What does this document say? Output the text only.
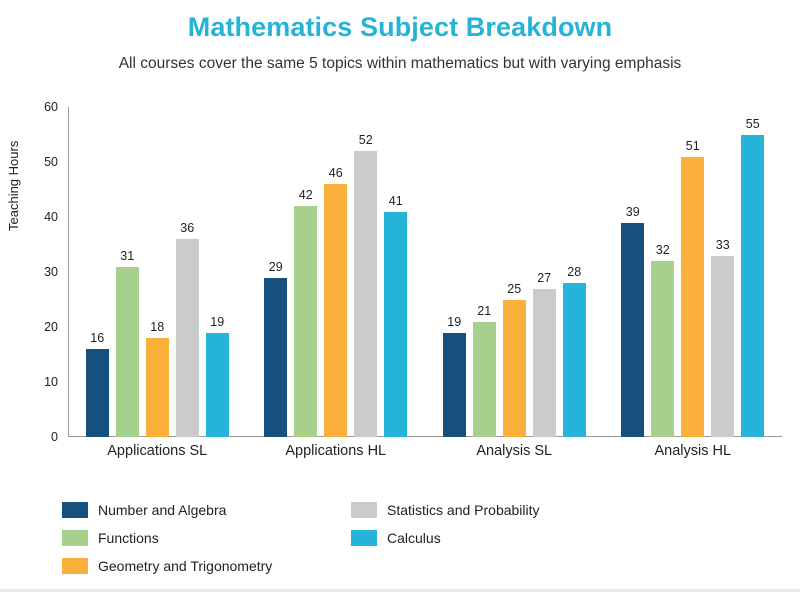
Mathematics Subject Breakdown
All courses cover the same 5 topics within mathematics but with varying emphasis
Teaching Hours
0
10
20
30
40
50
60
16
31
18
36
19
29
42
46
52
41
19
21
25
27 28
39
32
51
33
55
Applications SL	Applications HL	Analysis SL	Analysis HL
Number and Algebra	Statistics and Probability
Functions	Calculus
Geometry and Trigonometry
